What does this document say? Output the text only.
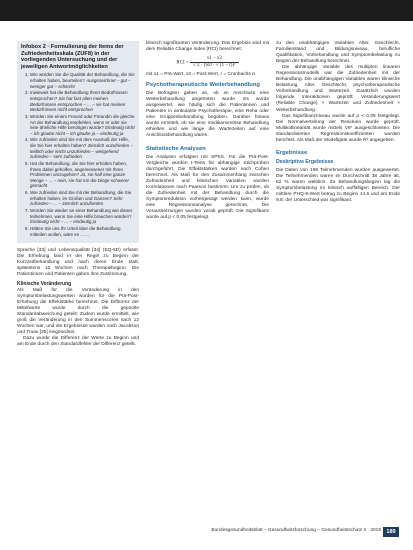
Infobox 2 · Formulierung der Items der Zufriedenheitsskala (ZUF8) in der vorliegenden Untersuchung und der jeweiligen Antwortmöglichkeiten
1. Wie würden Sie die Qualität der Behandlung, die Sie erhalten haben, beurteilen? Ausgezeichnet – gut – weniger gut – schlecht
2. Inwieweit hat die Behandlung Ihren Bedürfnissen entsprochen? Sie hat fast allen meinen Bedürfnissen entsprochen – ... – sie hat meinen Bedürfnissen nicht entsprochen
3. Würden Sie einem Freund oder Freundin die gleiche Art der Behandlung empfehlen, wenn er oder sie eine ähnliche Hilfe benötigen würde? Eindeutig nicht – ich glaube nicht – ich glaube ja – eindeutig ja
4. Wie zufrieden sind Sie mit dem Ausmaß der Hilfe, die Sie hier erhalten haben? Ziemlich unzufrieden – leidlich oder leicht unzufrieden – weitgehend zufrieden – sehr zufrieden
5. Hat die Behandlung, die Sie hier erhalten haben, Ihnen dabei geholfen, angemessener mit Ihren Problemen umzugehen? Ja, sie half eine ganze Menge – ... – nein, sie hat mir die Dinge schwerer gemacht
6. Wie zufrieden sind Sie mit der Behandlung, die Sie erhalten haben, im Großen und Ganzen? Sehr zufrieden – ... – ziemlich unzufrieden
7. Würden Sie wieder an einer Behandlung wie dieser teilnehmen, wenn Sie eine Hilfe brauchen würden? Eindeutig nicht – ... – eindeutig ja
8. Hätten Sie uns Ihr Urteil über die Behandlung mitteilen wollen, wäre es ... ...

Sprache [33] und Lebensqualität [34] (EQ-5D) erfasst. Die Erhebung fand in der Regel zu Beginn der Kurzzeitbehandlung und nach deren Ende statt, spätestens 10 Wochen nach Therapiebeginn. Die Patientinnen und Patienten gaben ihre Zustimmung.

Klinische Veränderung

Als Maß für die Veränderung in den Symptombelastungswerten wurden für die Prä-Post-Erhebung die Effektstärke berechnet. Die Differenz der Mittelwerte wurde durch die gepoolte Standardabweichung geteilt. Zudem wurde ermittelt, wie groß die Veränderung in den Summenscores nach 12 Wochen war, und die Ergebnisse wurden nach Jacobson und Truax [35] eingeordnet.

Dazu wurde die Differenz der Werte zu Beginn und am Ende durch den Standardfehler der Differenz geteilt.

klinisch signifikanten Veränderung. Das Ergebnis wird mit dem Reliable Change Index (RCI) berechnet:

RCI = $\frac{x1 - x2}{\text{√ 2 · (SD · √ (1 – r))²}}$

mit x1 = Prä-Wert, x2 = Post-Wert, r = Cronbachs α

Psychotherapeutische Weiterbehandlung

Die Befragten gaben an, ob im Anschluss eine Weiterbehandlung angetreten wurde. Es wurde ausgewertet, wie häufig sich die Patientinnen und Patienten in ambulante Psychotherapie, eine Reha oder eine Gruppenbehandlung begaben. Darüber hinaus wurde ermittelt, ob sie eine medikamentöse Behandlung erhielten und wie lange die Wartezeiten auf eine Anschlussbehandlung waren.

Statistische Analysen

Die Analysen erfolgten mit SPSS. Für die Prä-Post-Vergleiche wurden t-Tests für abhängige Stichproben durchgeführt. Die Effektstärken wurden nach Cohen berechnet. Als Maß für den Zusammenhang zwischen Zufriedenheit und klinischen Variablen wurden Korrelationen nach Pearson bestimmt. Um zu prüfen, ob die Zufriedenheit mit der Behandlung durch die Symptomreduktion vorhergesagt werden kann, wurde eine Regressionsanalyse gerechnet. Die Voraussetzungen wurden vorab geprüft. Die Signifikanz wurde auf p < 0,05 festgelegt.

zu den unabhängigen Variablen Alter, Geschlecht, Familienstand und Bildungsniveau, berufliche Qualifikation, Vorbehandlung und Symptombelastung zu Beginn der Behandlung berechnet.

Die abhängige Variable des multiplen linearen Regressionsmodells war die Zufriedenheit mit der Behandlung. Die unabhängigen Variablen waren klinische Belastung, Alter, Geschlecht, psychotherapeutische Vorbehandlung und Wartezeit. Zusätzlich wurden folgende Interaktionen geprüft: Veränderungswert (Reliable Change) × Wartezeit und Zufriedenheit × Weiterbehandlung.

Das Signifikanzniveau wurde auf p < 0,05 festgelegt. Die Normalverteilung der Residuen wurde geprüft. Multikollinearität wurde mittels VIF ausgeschlossen. Die standardisierten Regressionskoeffizienten wurden berichtet. Als Maß der Modellgüte wurde R² angegeben.

Ergebnisse
Deskriptive Ergebnisse

Die Daten von 189 Teilnehmenden wurden ausgewertet. Die Teilnehmenden waren im Durchschnitt 38 Jahre alt, 62 % waren weiblich. Zu Behandlungsbeginn lag die Symptombelastung im klinisch auffälligen Bereich. Der mittlere PHQ-9-Wert betrug zu Beginn 14,6 und am Ende 9,8; der Unterschied war signifikant.

Bundesgesundheitsblatt – Gesundheitsforschung – Gesundheitsschutz 3 · 2019 189
